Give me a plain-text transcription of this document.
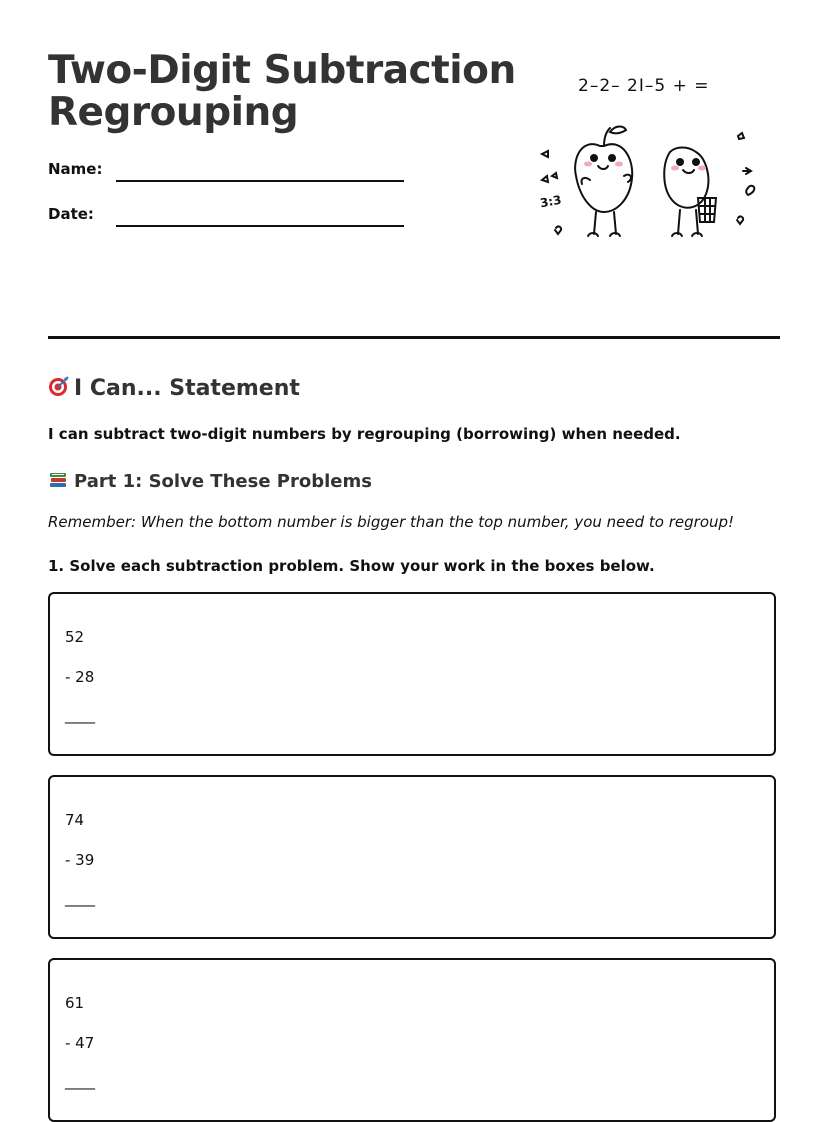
Two-Digit Subtraction
Regrouping
Name:
Date:
2–2– 2I–5 + =
3:3
I Can... Statement
I can subtract two-digit numbers by regrouping (borrowing) when needed.
Part 1: Solve These Problems
Remember: When the bottom number is bigger than the top number, you need to regroup!
1. Solve each subtraction problem. Show your work in the boxes below.
52
- 28
____
74
- 39
____
61
- 47
____
